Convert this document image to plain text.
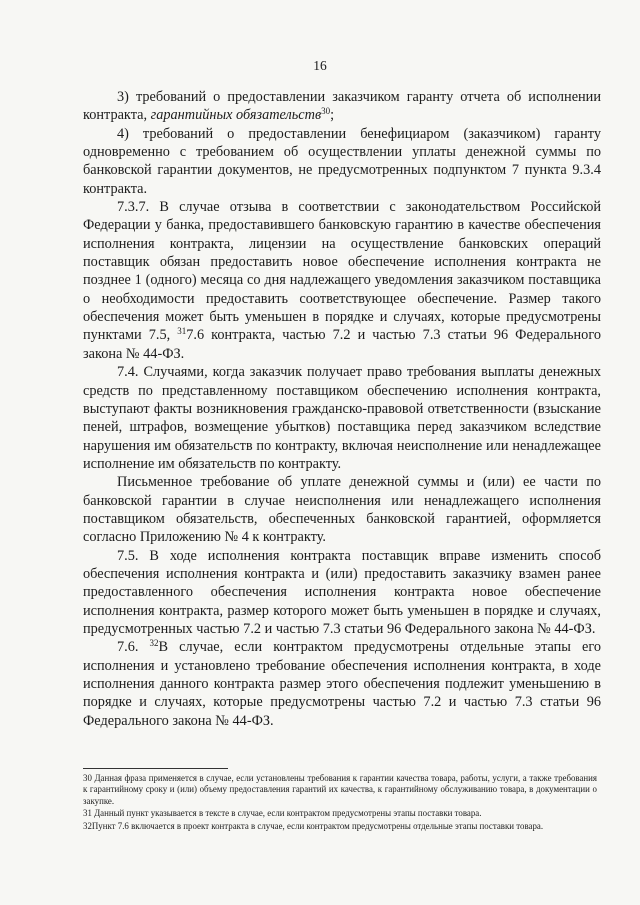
16

3) требований о предоставлении заказчиком гаранту отчета об исполнении контракта, гарантийных обязательств$^{30}$;

4) требований о предоставлении бенефициаром (заказчиком) гаранту одновременно с требованием об осуществлении уплаты денежной суммы по банковской гарантии документов, не предусмотренных подпунктом 7 пункта 9.3.4 контракта.

7.3.7. В случае отзыва в соответствии с законодательством Российской Федерации у банка, предоставившего банковскую гарантию в качестве обеспечения исполнения контракта, лицензии на осуществление банковских операций поставщик обязан предоставить новое обеспечение исполнения контракта не позднее 1 (одного) месяца со дня надлежащего уведомления заказчиком поставщика о необходимости предоставить соответствующее обеспечение. Размер такого обеспечения может быть уменьшен в порядке и случаях, которые предусмотрены пунктами 7.5, $^{31}$7.6 контракта, частью 7.2 и частью 7.3 статьи 96 Федерального закона № 44-ФЗ.

7.4. Случаями, когда заказчик получает право требования выплаты денежных средств по представленному поставщиком обеспечению исполнения контракта, выступают факты возникновения гражданско-правовой ответственности (взыскание пеней, штрафов, возмещение убытков) поставщика перед заказчиком вследствие нарушения им обязательств по контракту, включая неисполнение или ненадлежащее исполнение им обязательств по контракту.

Письменное требование об уплате денежной суммы и (или) ее части по банковской гарантии в случае неисполнения или ненадлежащего исполнения поставщиком обязательств, обеспеченных банковской гарантией, оформляется согласно Приложению № 4 к контракту.

7.5. В ходе исполнения контракта поставщик вправе изменить способ обеспечения исполнения контракта и (или) предоставить заказчику взамен ранее предоставленного обеспечения исполнения контракта новое обеспечение исполнения контракта, размер которого может быть уменьшен в порядке и случаях, предусмотренных частью 7.2 и частью 7.3 статьи 96 Федерального закона № 44-ФЗ.

7.6. $^{32}$В случае, если контрактом предусмотрены отдельные этапы его исполнения и установлено требование обеспечения исполнения контракта, в ходе исполнения данного контракта размер этого обеспечения подлежит уменьшению в порядке и случаях, которые предусмотрены частью 7.2 и частью 7.3 статьи 96 Федерального закона № 44-ФЗ.

30 Данная фраза применяется в случае, если установлены требования к гарантии качества товара, работы, услуги, а также требования к гарантийному сроку и (или) объему предоставления гарантий их качества, к гарантийному обслуживанию товара, в документации о закупке.

31 Данный пункт указывается в тексте в случае, если контрактом предусмотрены этапы поставки товара.

32Пункт 7.6 включается в проект контракта в случае, если контрактом предусмотрены отдельные этапы поставки товара.
